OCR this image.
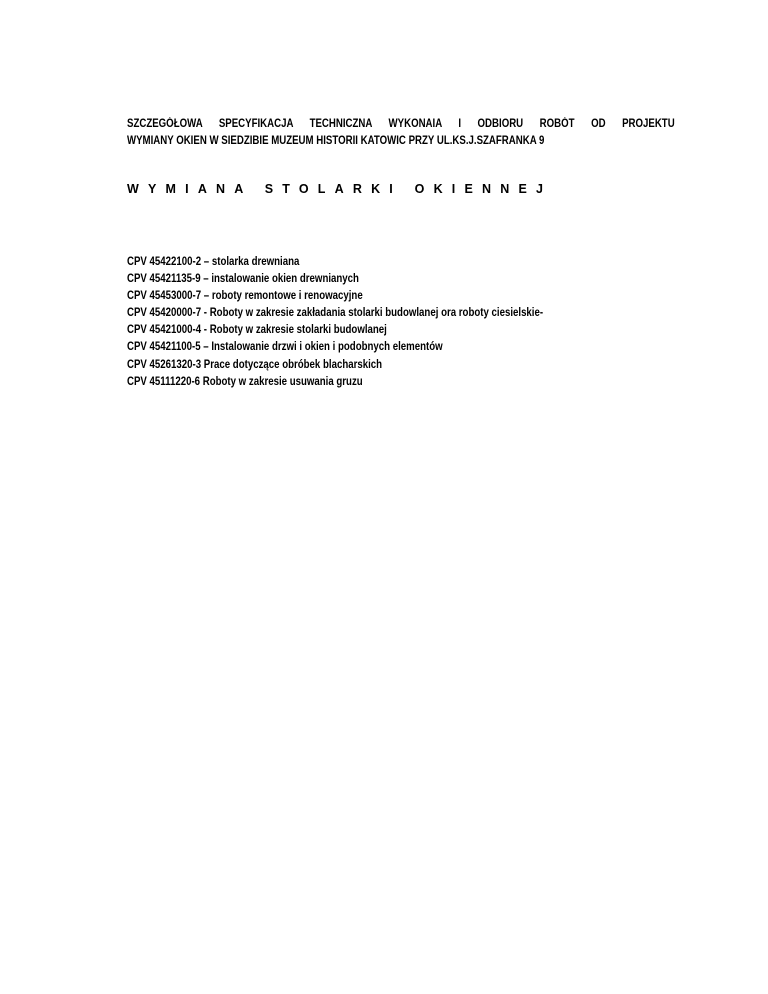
SZCZEGÓŁOWA SPECYFIKACJA TECHNICZNA WYKONAIA I ODBIORU ROBÓT OD PROJEKTU
WYMIANY OKIEN W SIEDZIBIE MUZEUM HISTORII KATOWIC PRZY UL.KS.J.SZAFRANKA 9
WYMIANA STOLARKI OKIENNEJ
CPV 45422100-2 – stolarka drewniana
CPV 45421135-9 – instalowanie okien drewnianych
CPV 45453000-7 – roboty remontowe i renowacyjne
CPV 45420000-7 - Roboty w zakresie zakładania stolarki budowlanej ora roboty ciesielskie-
CPV 45421000-4 - Roboty w zakresie stolarki budowlanej
CPV 45421100-5 – Instalowanie drzwi i okien i podobnych elementów
CPV 45261320-3 Prace dotyczące obróbek blacharskich
CPV 45111220-6 Roboty w zakresie usuwania gruzu
